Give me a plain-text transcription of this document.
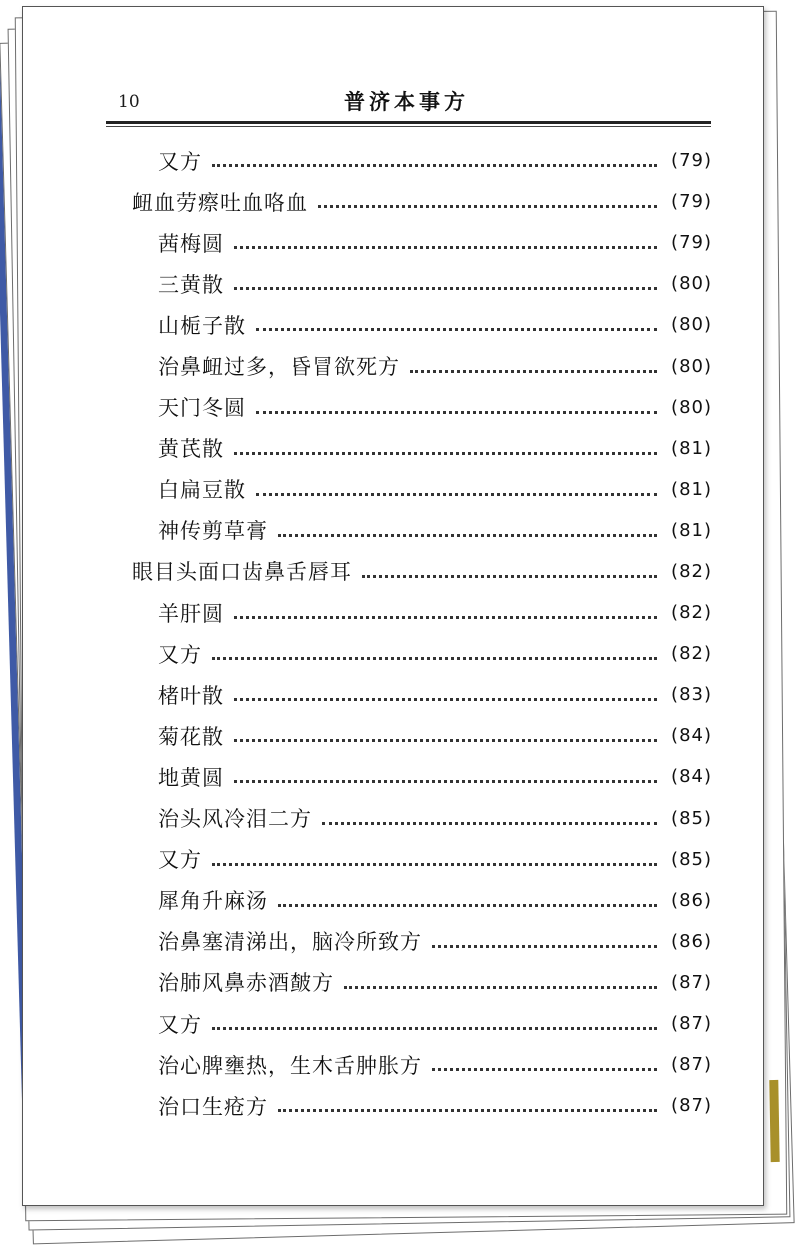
10	普济本事方
又方	(79)
衄血劳瘵吐血咯血	(79)
茜梅圆	(79)
三黄散	(80)
山栀子散	(80)
治鼻衄过多，昏冒欲死方	(80)
天门冬圆	(80)
黄芪散	(81)
白扁豆散	(81)
神传剪草膏	(81)
眼目头面口齿鼻舌唇耳	(82)
羊肝圆	(82)
又方	(82)
楮叶散	(83)
菊花散	(84)
地黄圆	(84)
治头风冷泪二方	(85)
又方	(85)
犀角升麻汤	(86)
治鼻塞清涕出，脑冷所致方	(86)
治肺风鼻赤酒皶方	(87)
又方	(87)
治心脾壅热，生木舌肿胀方	(87)
治口生疮方	(87)
